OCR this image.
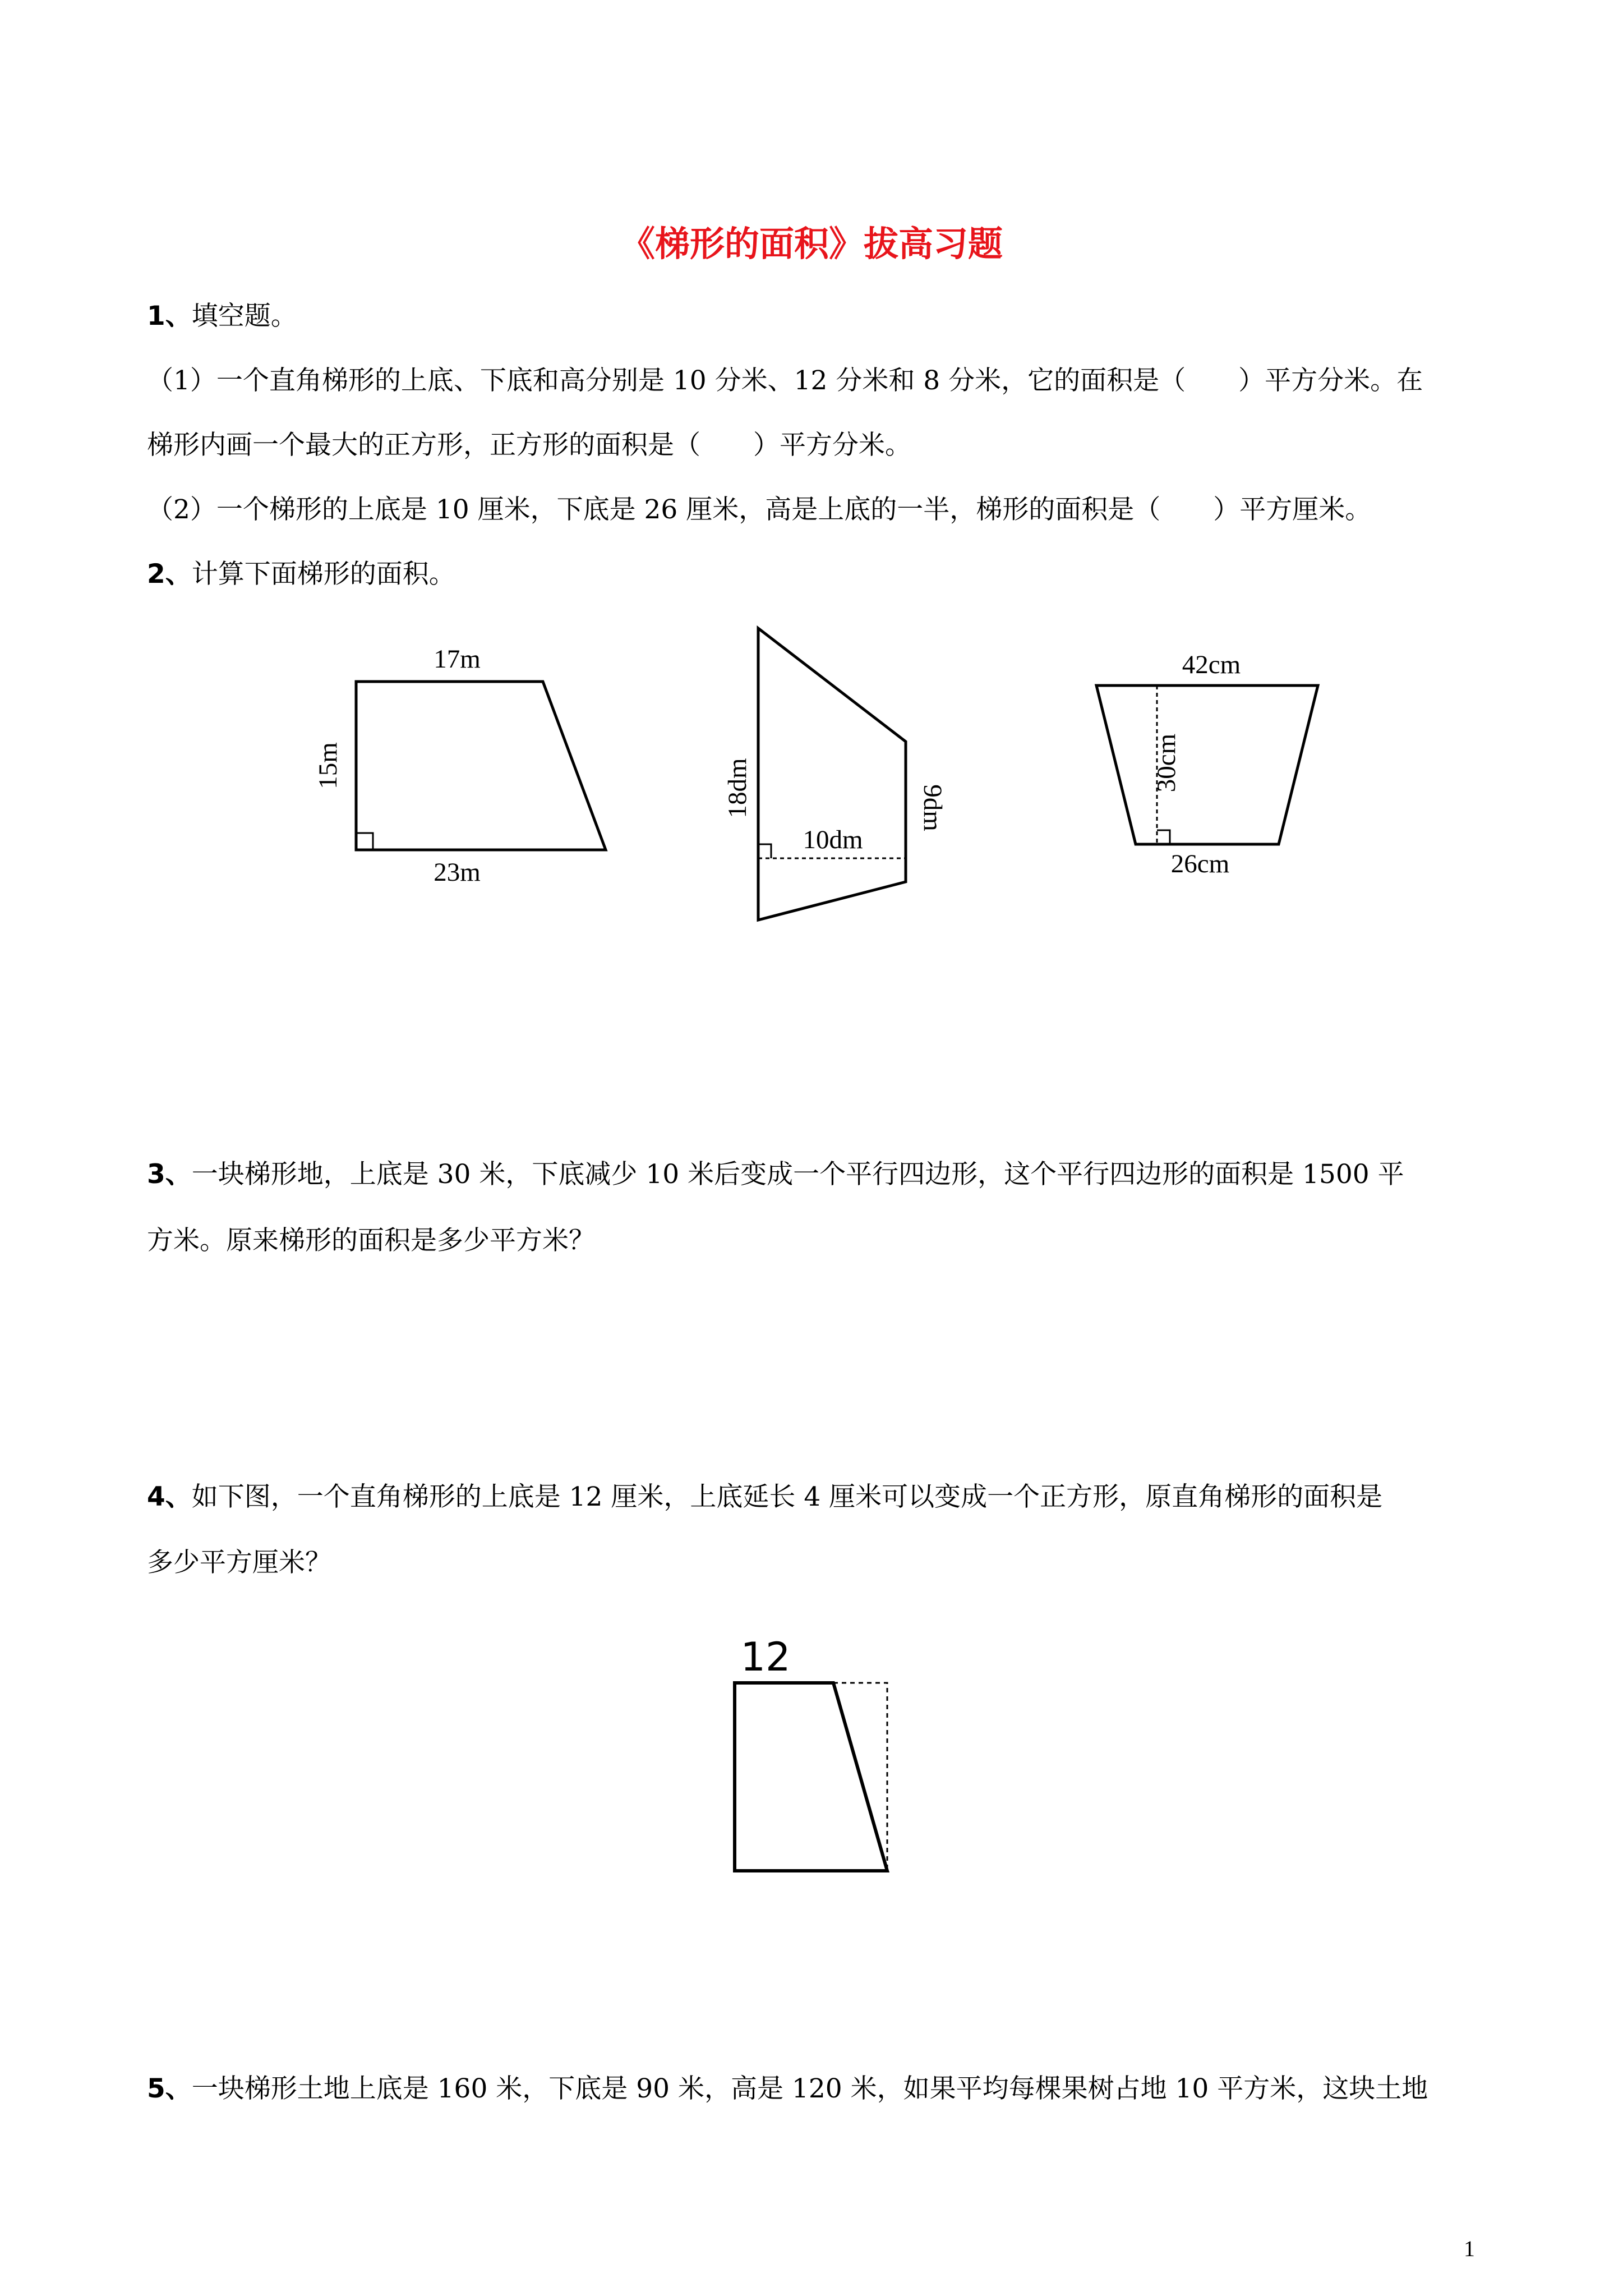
《梯形的面积》拔高习题
1、填空题。
（1）一个直角梯形的上底、下底和高分别是 10 分米、12 分米和 8 分米，它的面积是（　　）平方分米。在
梯形内画一个最大的正方形，正方形的面积是（　　）平方分米。
（2）一个梯形的上底是 10 厘米，下底是 26 厘米，高是上底的一半，梯形的面积是（　　）平方厘米。
2、计算下面梯形的面积。
17m
23m
15m
10dm
18dm	9dm
42cm
26cm
30cm
3、一块梯形地，上底是 30 米，下底减少 10 米后变成一个平行四边形，这个平行四边形的面积是 1500 平
方米。原来梯形的面积是多少平方米？
4、如下图，一个直角梯形的上底是 12 厘米，上底延长 4 厘米可以变成一个正方形，原直角梯形的面积是
多少平方厘米？
12
5、一块梯形土地上底是 160 米，下底是 90 米，高是 120 米，如果平均每棵果树占地 10 平方米，这块土地
1
